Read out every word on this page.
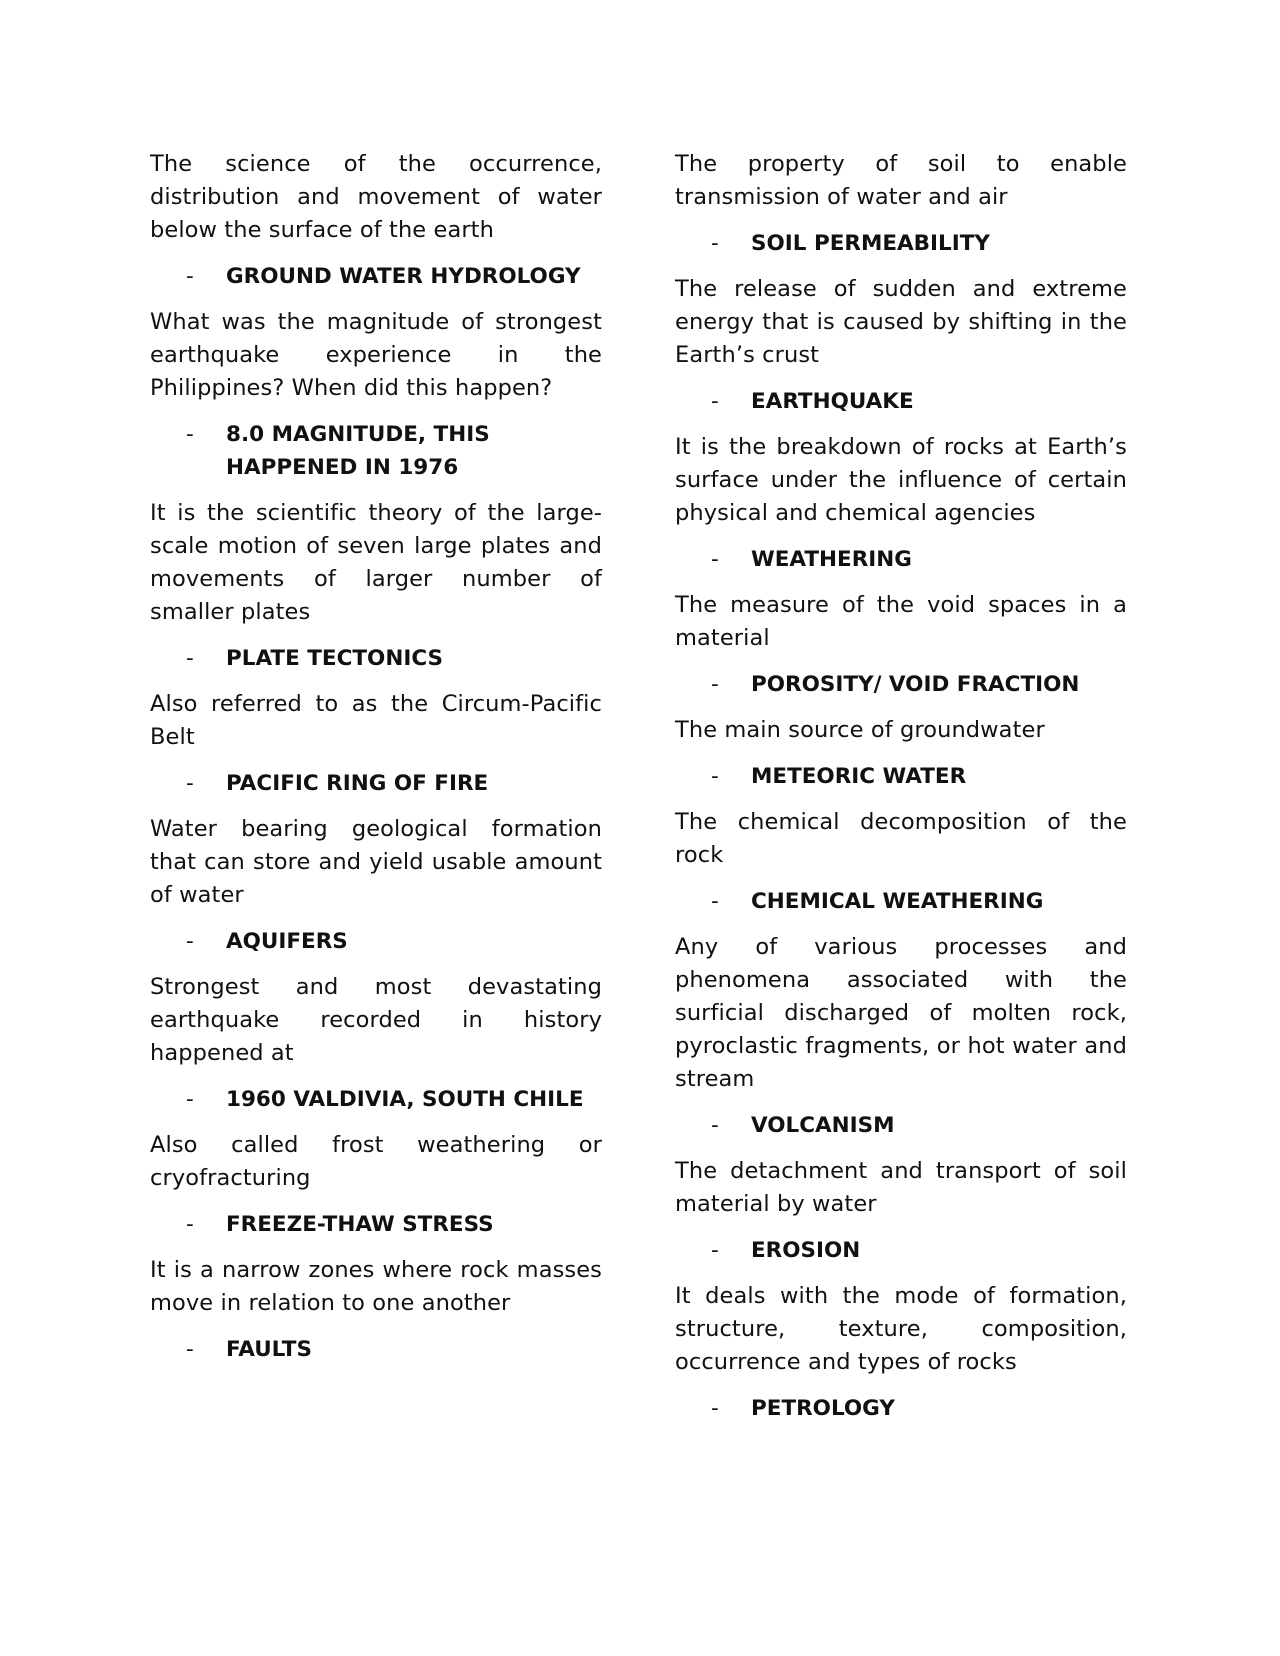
The science of the occurrence, distribution and movement of water below the surface of the earth

- GROUND WATER HYDROLOGY

What was the magnitude of strongest earthquake experience in the Philippines? When did this happen?

- 8.0 MAGNITUDE, THIS HAPPENED IN 1976

It is the scientific theory of the large-scale motion of seven large plates and movements of larger number of smaller plates

- PLATE TECTONICS

Also referred to as the Circum-Pacific Belt

- PACIFIC RING OF FIRE

Water bearing geological formation that can store and yield usable amount of water

- AQUIFERS

Strongest and most devastating earthquake recorded in history happened at

- 1960 VALDIVIA, SOUTH CHILE

Also called frost weathering or cryofracturing

- FREEZE-THAW STRESS

It is a narrow zones where rock masses move in relation to one another

- FAULTS

The property of soil to enable transmission of water and air

- SOIL PERMEABILITY

The release of sudden and extreme energy that is caused by shifting in the Earth’s crust

- EARTHQUAKE

It is the breakdown of rocks at Earth’s surface under the influence of certain physical and chemical agencies

- WEATHERING

The measure of the void spaces in a material

- POROSITY/ VOID FRACTION

The main source of groundwater

- METEORIC WATER

The chemical decomposition of the rock

- CHEMICAL WEATHERING

Any of various processes and phenomena associated with the surficial discharged of molten rock, pyroclastic fragments, or hot water and stream

- VOLCANISM

The detachment and transport of soil material by water

- EROSION

It deals with the mode of formation, structure, texture, composition, occurrence and types of rocks

- PETROLOGY
